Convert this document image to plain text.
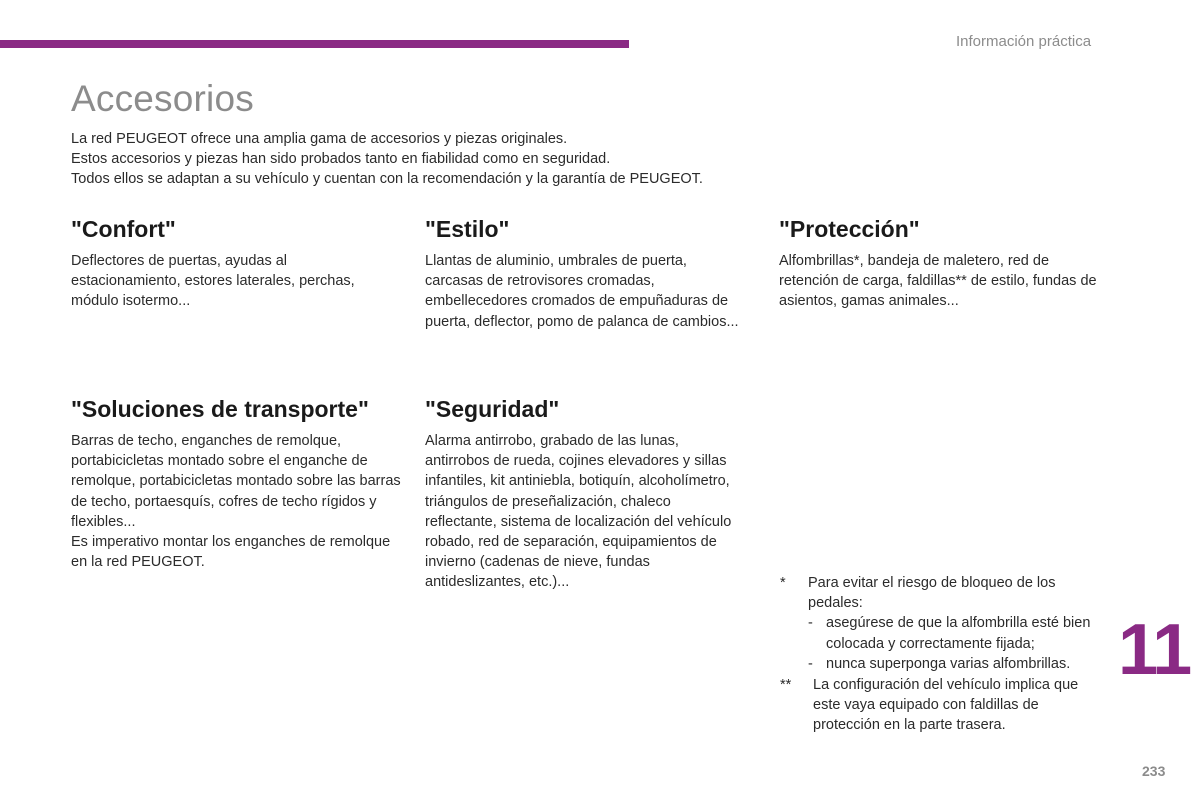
Información práctica
Accesorios

La red PEUGEOT ofrece una amplia gama de accesorios y piezas originales.

Estos accesorios y piezas han sido probados tanto en fiabilidad como en seguridad.

Todos ellos se adaptan a su vehículo y cuentan con la recomendación y la garantía de PEUGEOT.

"Confort"
Deflectores de puertas, ayudas al estacionamiento, estores laterales, perchas, módulo isotermo...
"Estilo"
Llantas de aluminio, umbrales de puerta, carcasas de retrovisores cromadas, embellecedores cromados de empuñaduras de puerta, deflector, pomo de palanca de cambios...
"Protección"
Alfombrillas*, bandeja de maletero, red de retención de carga, faldillas** de estilo, fundas de asientos, gamas animales...
"Soluciones de transporte"
Barras de techo, enganches de remolque, portabicicletas montado sobre el enganche de remolque, portabicicletas montado sobre las barras de techo, portaesquís, cofres de techo rígidos y flexibles...
Es imperativo montar los enganches de remolque en la red PEUGEOT.
"Seguridad"
Alarma antirrobo, grabado de las lunas, antirrobos de rueda, cojines elevadores y sillas infantiles, kit antiniebla, botiquín, alcoholímetro, triángulos de preseñalización, chaleco reflectante, sistema de localización del vehículo robado, red de separación, equipamientos de invierno (cadenas de nieve, fundas antideslizantes, etc.)...	* Para evitar el riesgo de bloqueo de los pedales:
- asegúrese de que la alfombrilla esté bien colocada y correctamente fijada;
- nunca superponga varias alfombrillas.
** La configuración del vehículo implica que este vaya equipado con faldillas de protección en la parte trasera.
11
233
